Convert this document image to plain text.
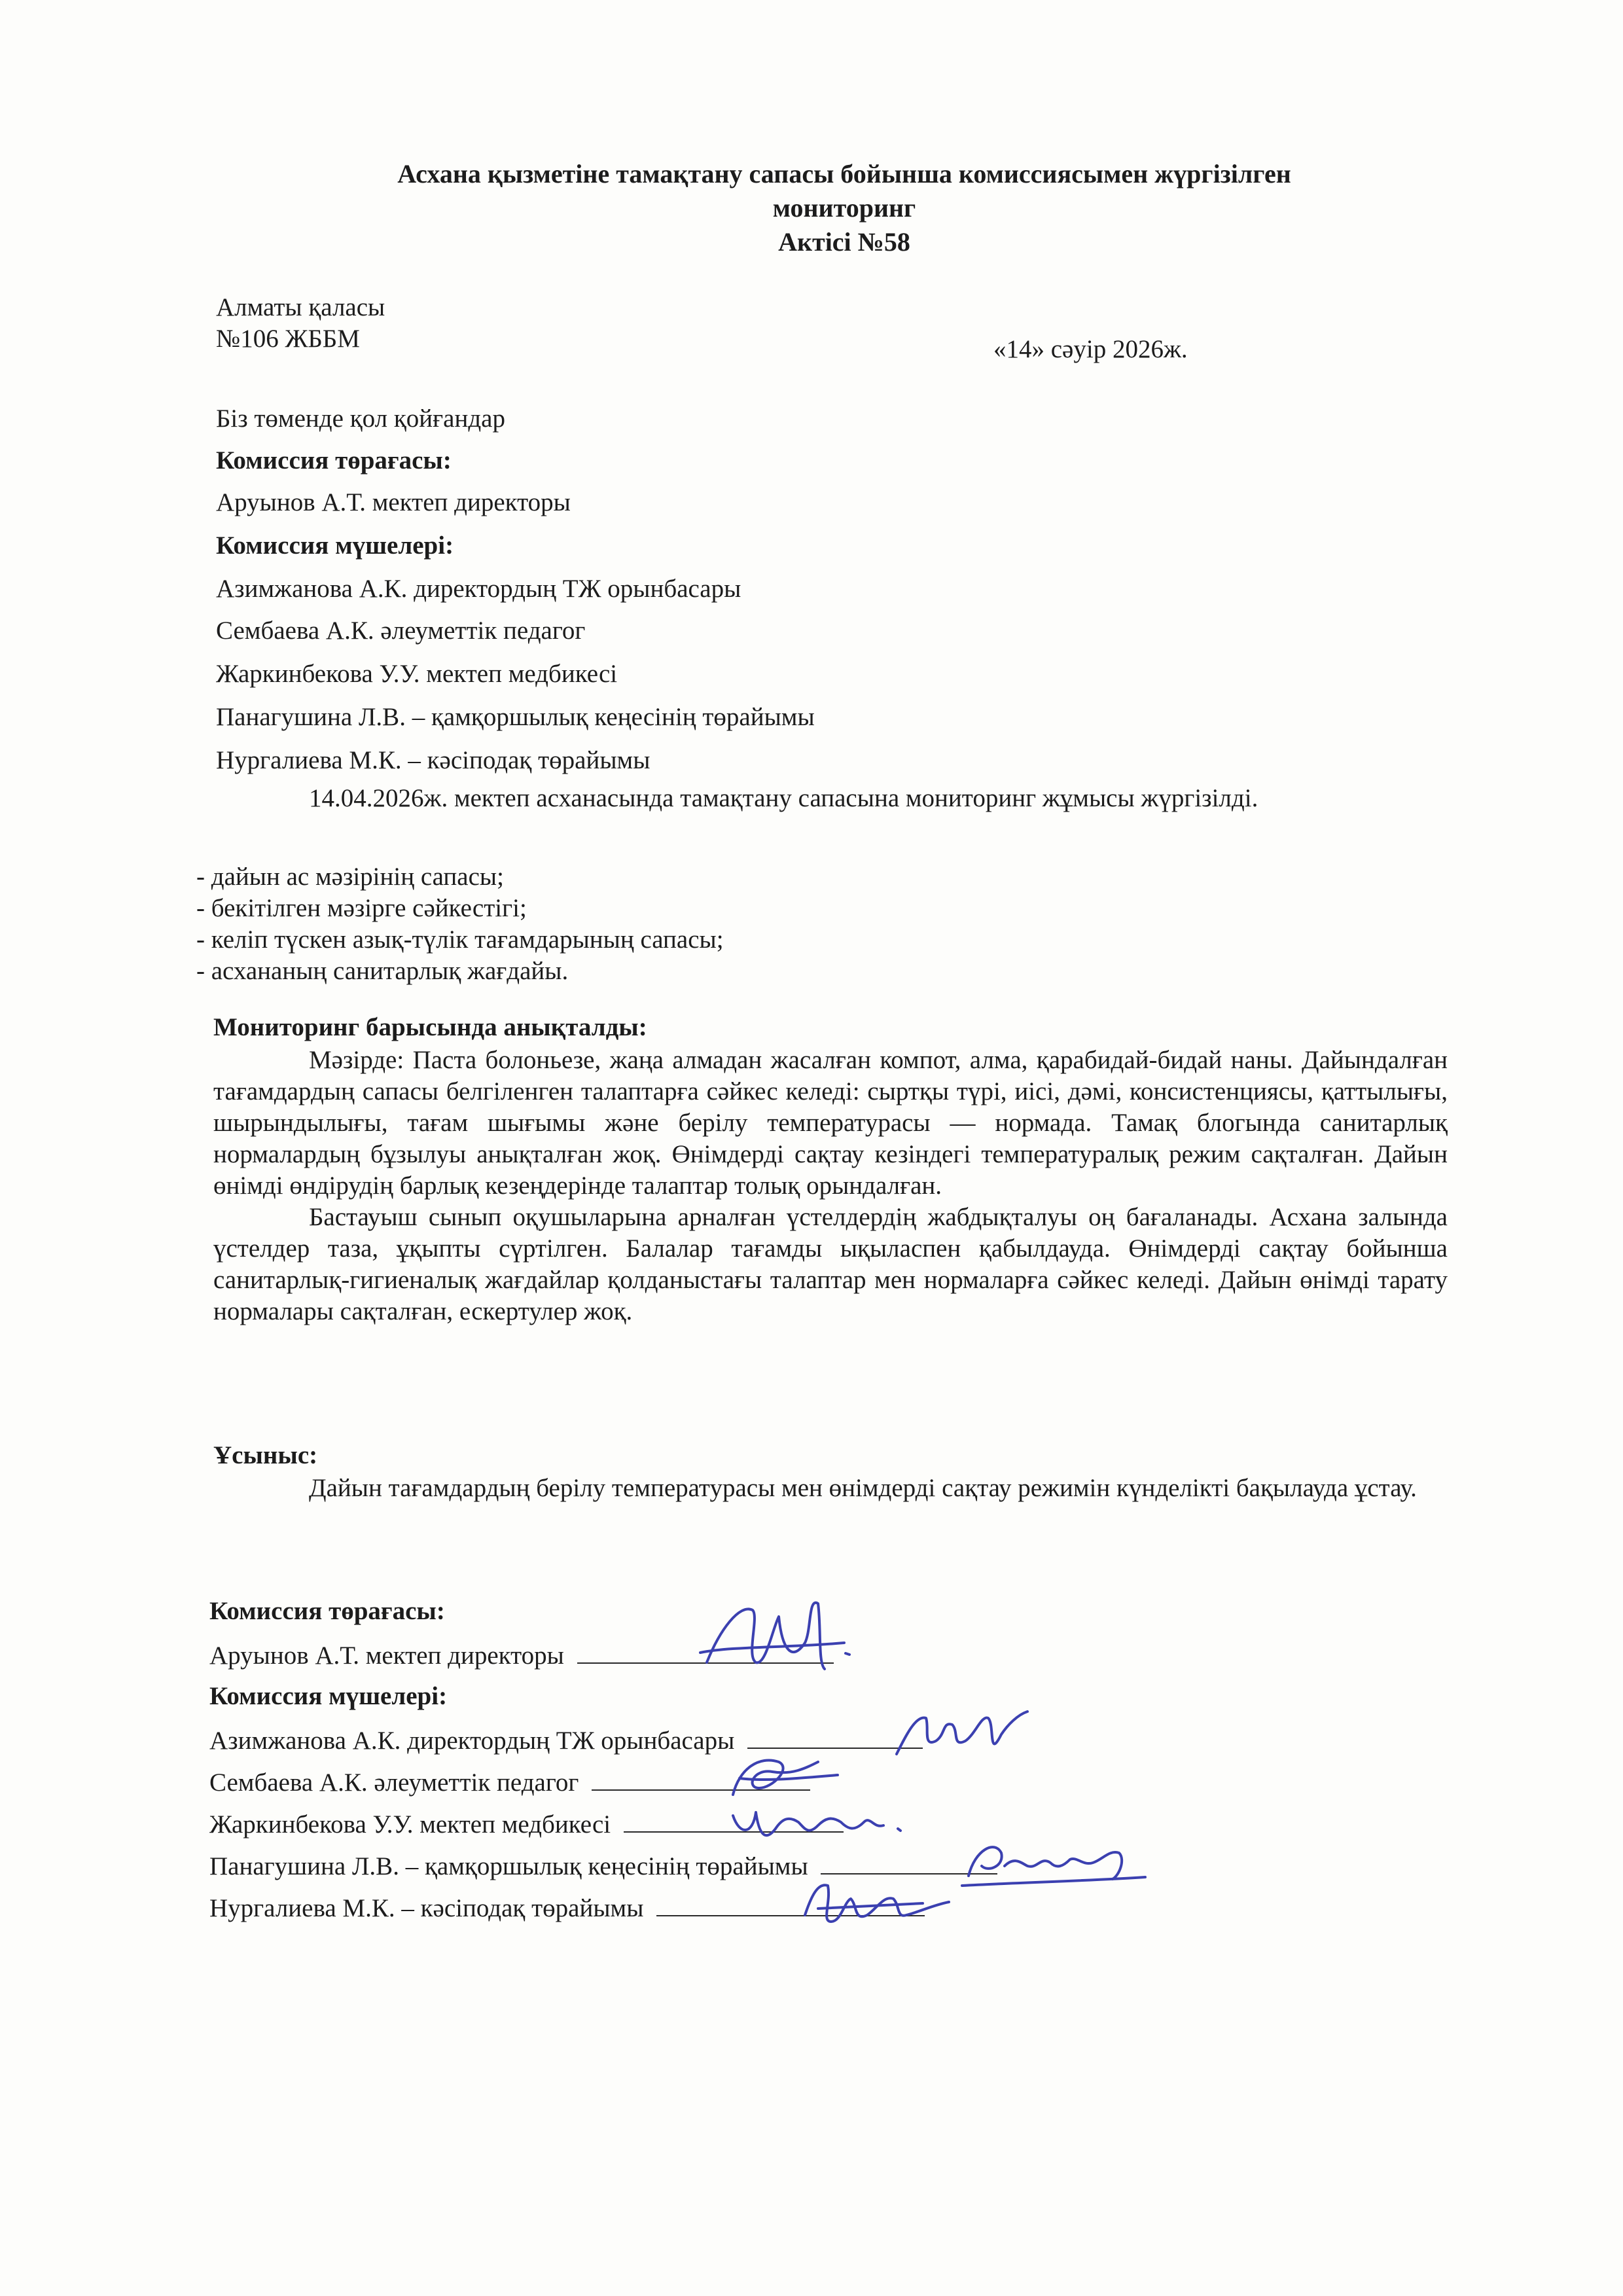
Асхана қызметіне тамақтану сапасы бойынша комиссиясымен жүргізілген
мониторинг
Актісі №58
Алматы қаласы
№106 ЖББМ	«14» сәуір 2026ж.
Біз төменде қол қойғандар
Комиссия төрағасы:
Аруынов А.Т. мектеп директоры
Комиссия мүшелері:
Азимжанова А.К. директордың ТЖ орынбасары
Сембаева А.К. әлеуметтік педагог
Жаркинбекова У.У. мектеп медбикесі
Панагушина Л.В. – қамқоршылық кеңесінің төрайымы
Нургалиева М.К. – кәсіподақ төрайымы

14.04.2026ж. мектеп асханасында тамақтану сапасына мониторинг жұмысы жүргізілді.

- дайын ас мәзірінің сапасы;
- бекітілген мәзірге сәйкестігі;
- келіп түскен азық-түлік тағамдарының сапасы;
- асхананың санитарлық жағдайы.
Мониторинг барысында анықталды:

Мәзірде: Паста болоньезе, жаңа алмадан жасалған компот, алма, қарабидай-бидай наны. Дайындалған тағамдардың сапасы белгіленген талаптарға сәйкес келеді: сыртқы түрі, иісі, дәмі, консистенциясы, қаттылығы, шырындылығы, тағам шығымы және берілу температурасы — нормада. Тамақ блогында санитарлық нормалардың бұзылуы анықталған жоқ. Өнімдерді сақтау кезіндегі температуралық режим сақталған. Дайын өнімді өндірудің барлық кезеңдерінде талаптар толық орындалған.

Бастауыш сынып оқушыларына арналған үстелдердің жабдықталуы оң бағаланады. Асхана залында үстелдер таза, ұқыпты сүртілген. Балалар тағамды ықыласпен қабылдауда. Өнімдерді сақтау бойынша санитарлық-гигиеналық жағдайлар қолданыстағы талаптар мен нормаларға сәйкес келеді. Дайын өнімді тарату нормалары сақталған, ескертулер жоқ.

Ұсыныс:

Дайын тағамдардың берілу температурасы мен өнімдерді сақтау режимін күнделікті бақылауда ұстау.

Комиссия төрағасы:
Аруынов А.Т. мектеп директоры
Комиссия мүшелері:
Азимжанова А.К. директордың ТЖ орынбасары
Сембаева А.К. әлеуметтік педагог
Жаркинбекова У.У. мектеп медбикесі
Панагушина Л.В. – қамқоршылық кеңесінің төрайымы
Нургалиева М.К. – кәсіподақ төрайымы
